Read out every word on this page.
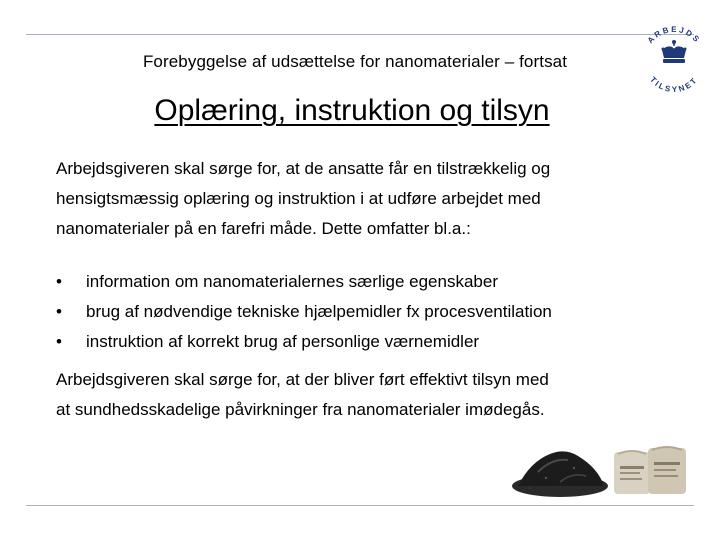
Forebyggelse af udsættelse for nanomaterialer – fortsat
Oplæring, instruktion og tilsyn
ARBEJDS
TILSYNET
Arbejdsgiveren skal sørge for, at de ansatte får en tilstrækkelig og
hensigtsmæssig oplæring og instruktion i at udføre arbejdet med
nanomaterialer på en farefri måde. Dette omfatter bl.a.:
• information om nanomaterialernes særlige egenskaber
• brug af nødvendige tekniske hjælpemidler fx procesventilation
• instruktion af korrekt brug af personlige værnemidler
Arbejdsgiveren skal sørge for, at der bliver ført effektivt tilsyn med
at sundhedsskadelige påvirkninger fra nanomaterialer imødegås.
